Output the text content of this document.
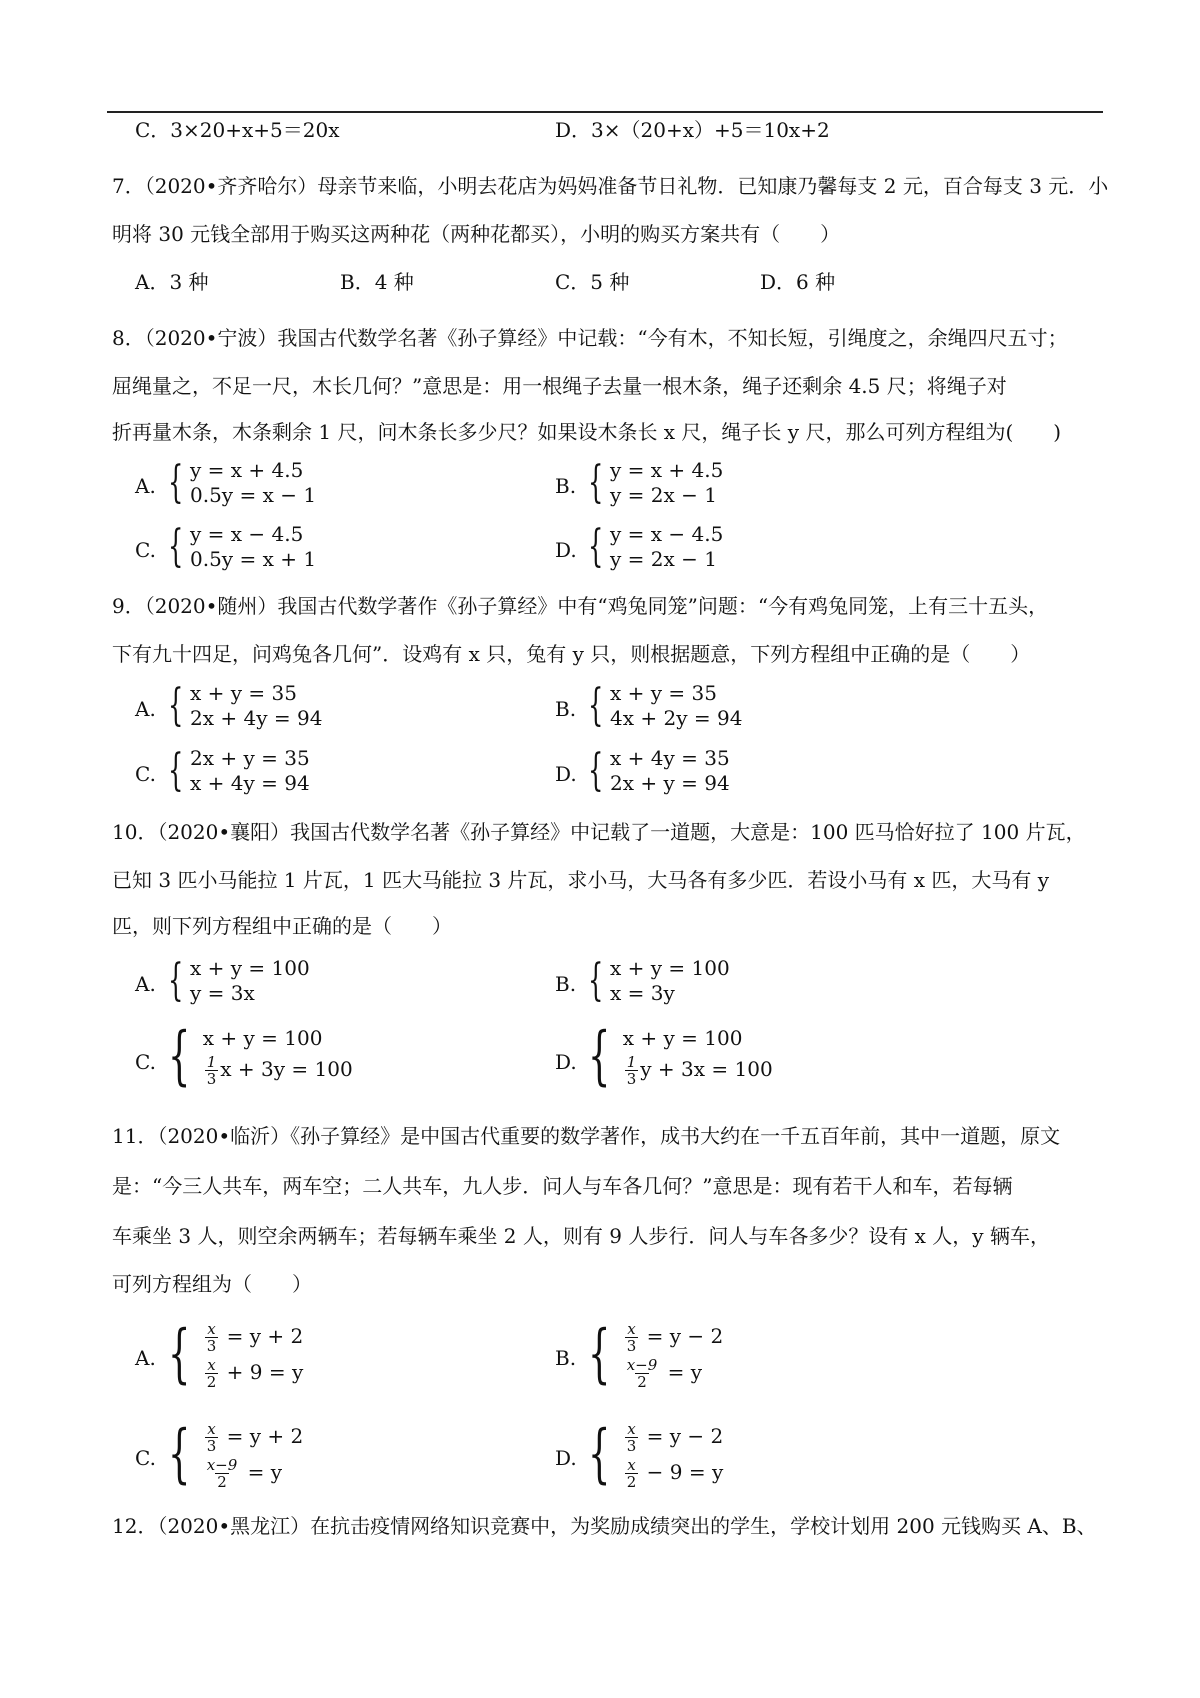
C．3×20+x+5＝20x	D．3×（20+x）+5＝10x+2
7．（2020•齐齐哈尔）母亲节来临，小明去花店为妈妈准备节日礼物．已知康乃馨每支 2 元，百合每支 3 元．小
明将 30 元钱全部用于购买这两种花（两种花都买），小明的购买方案共有（　　）
A．3 种	B．4 种	C．5 种	D．6 种
8．（2020•宁波）我国古代数学名著《孙子算经》中记载：“今有木，不知长短，引绳度之，余绳四尺五寸；
屈绳量之，不足一尺，木长几何？”意思是：用一根绳子去量一根木条，绳子还剩余 4.5 尺；将绳子对
折再量木条，木条剩余 1 尺，问木条长多少尺？如果设木条长 x 尺，绳子长 y 尺，那么可列方程组为(　　)
A. { y = x + 4.5
0.5y = x − 1	B. { y = x + 4.5
y = 2x − 1
C. { y = x − 4.5
0.5y = x + 1	D. { y = x − 4.5
y = 2x − 1
9．（2020•随州）我国古代数学著作《孙子算经》中有“鸡兔同笼”问题：“今有鸡兔同笼，上有三十五头，
下有九十四足，问鸡兔各几何”．设鸡有 x 只，兔有 y 只，则根据题意，下列方程组中正确的是（　　）
A. { x + y = 35
2x + 4y = 94	B. { x + y = 35
4x + 2y = 94
C. { 2x + y = 35
x + 4y = 94	D. { x + 4y = 35
2x + y = 94
10．（2020•襄阳）我国古代数学名著《孙子算经》中记载了一道题，大意是：100 匹马恰好拉了 100 片瓦，
已知 3 匹小马能拉 1 片瓦，1 匹大马能拉 3 片瓦，求小马，大马各有多少匹．若设小马有 x 匹，大马有 y
匹，则下列方程组中正确的是（　　）
A. { x + y = 100
y = 3x	B. { x + y = 100
x = 3y
C. { x + y = 100
$\frac{1}{3}$ x + 3y = 100	D. { x + y = 100
$\frac{1}{3}$ y + 3x = 100
11．（2020•临沂）《孙子算经》是中国古代重要的数学著作，成书大约在一千五百年前，其中一道题，原文
是：“今三人共车，两车空；二人共车，九人步．问人与车各几何？”意思是：现有若干人和车，若每辆
车乘坐 3 人，则空余两辆车；若每辆车乘坐 2 人，则有 9 人步行．问人与车各多少？设有 x 人，y 辆车，
可列方程组为（　　）
A. { $\frac{x}{3} = y + 2$
$\frac{x}{2} + 9 = y$
B. { $\frac{x}{3} = y - 2$
$\frac{x-9}{2} = y$
C. { $\frac{x}{3} = y + 2$
$\frac{x-9}{2} = y$
D. { $\frac{x}{3} = y - 2$
$\frac{x}{2} - 9 = y$
12．（2020•黑龙江）在抗击疫情网络知识竞赛中，为奖励成绩突出的学生，学校计划用 200 元钱购买 A、B、
